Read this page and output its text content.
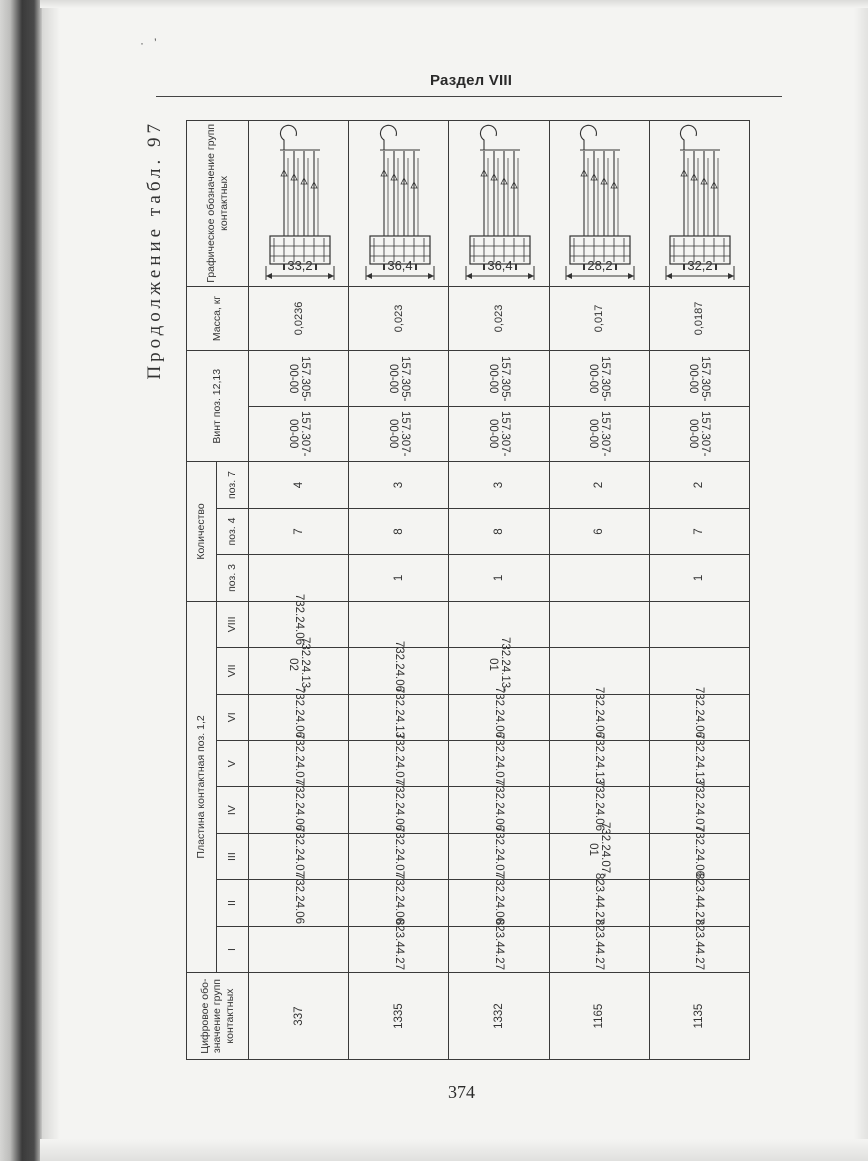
·   ’
Раздел VIII
Продолжение табл. 97
Цифровое обо-значение групп контактных	Пластина контактная поз. 1,2								Количество			Винт поз. 12,13		Масса, кг	Графическое обозначение групп контактных
	I	II	III	IV	V	VI	VII	VIII	поз. 3	поз. 4	поз. 7				
337		732.24.06	732.24.07	732.24.06	732.24.07	732.24.06	732.24.13-02	732.24.06		7	4	157.307-00-00	157.305-00-00	0,0236	33,2

1335	823.44.27	732.24.06	732.24.07	732.24.06	732.24.07	732.24.13	732.24.06		1	8	3	157.307-00-00	157.305-00-00	0,023	36,4

1332	823.44.27	732.24.06	732.24.07	732.24.06	732.24.07	732.24.06	732.24.13-01		1	8	3	157.307-00-00	157.305-00-00	0,023	36,4

1165	823.44.27	823.44.27	732.24.07-01	732.24.06	732.24.13	732.24.06				6	2	157.307-00-00	157.305-00-00	0,017	28,2

1135	823.44.27	823.44.27	732.24.06	732.24.07	732.24.13	732.24.06			1	7	2	157.307-00-00	157.305-00-00	0,0187	32,2
374
